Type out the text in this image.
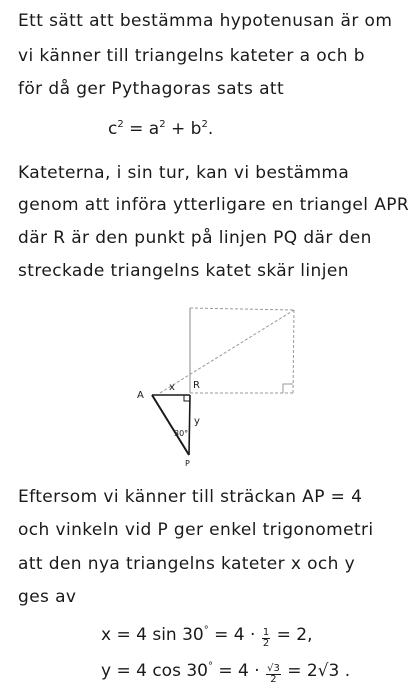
Ett sätt att bestämma hypotenusan är om
vi känner till triangelns kateter a och b
för då ger Pythagoras sats att
$c^2 = a^2 + b^2$.
Kateterna, i sin tur, kan vi bestämma
genom att införa ytterligare en triangel APR
där R är den punkt på linjen PQ där den
streckade triangelns katet skär linjen
A
R
P
x
y
30°
Eftersom vi känner till sträckan AP = 4
och vinkeln vid P ger enkel trigonometri
att den nya triangelns kateter x och y
ges av
x = 4 $\sin 30^\circ = 4 \cdot \frac{1}{2} = 2$,
y = 4 $\cos 30^\circ = 4 \cdot \frac{√3}{2} = 2√3$ .
